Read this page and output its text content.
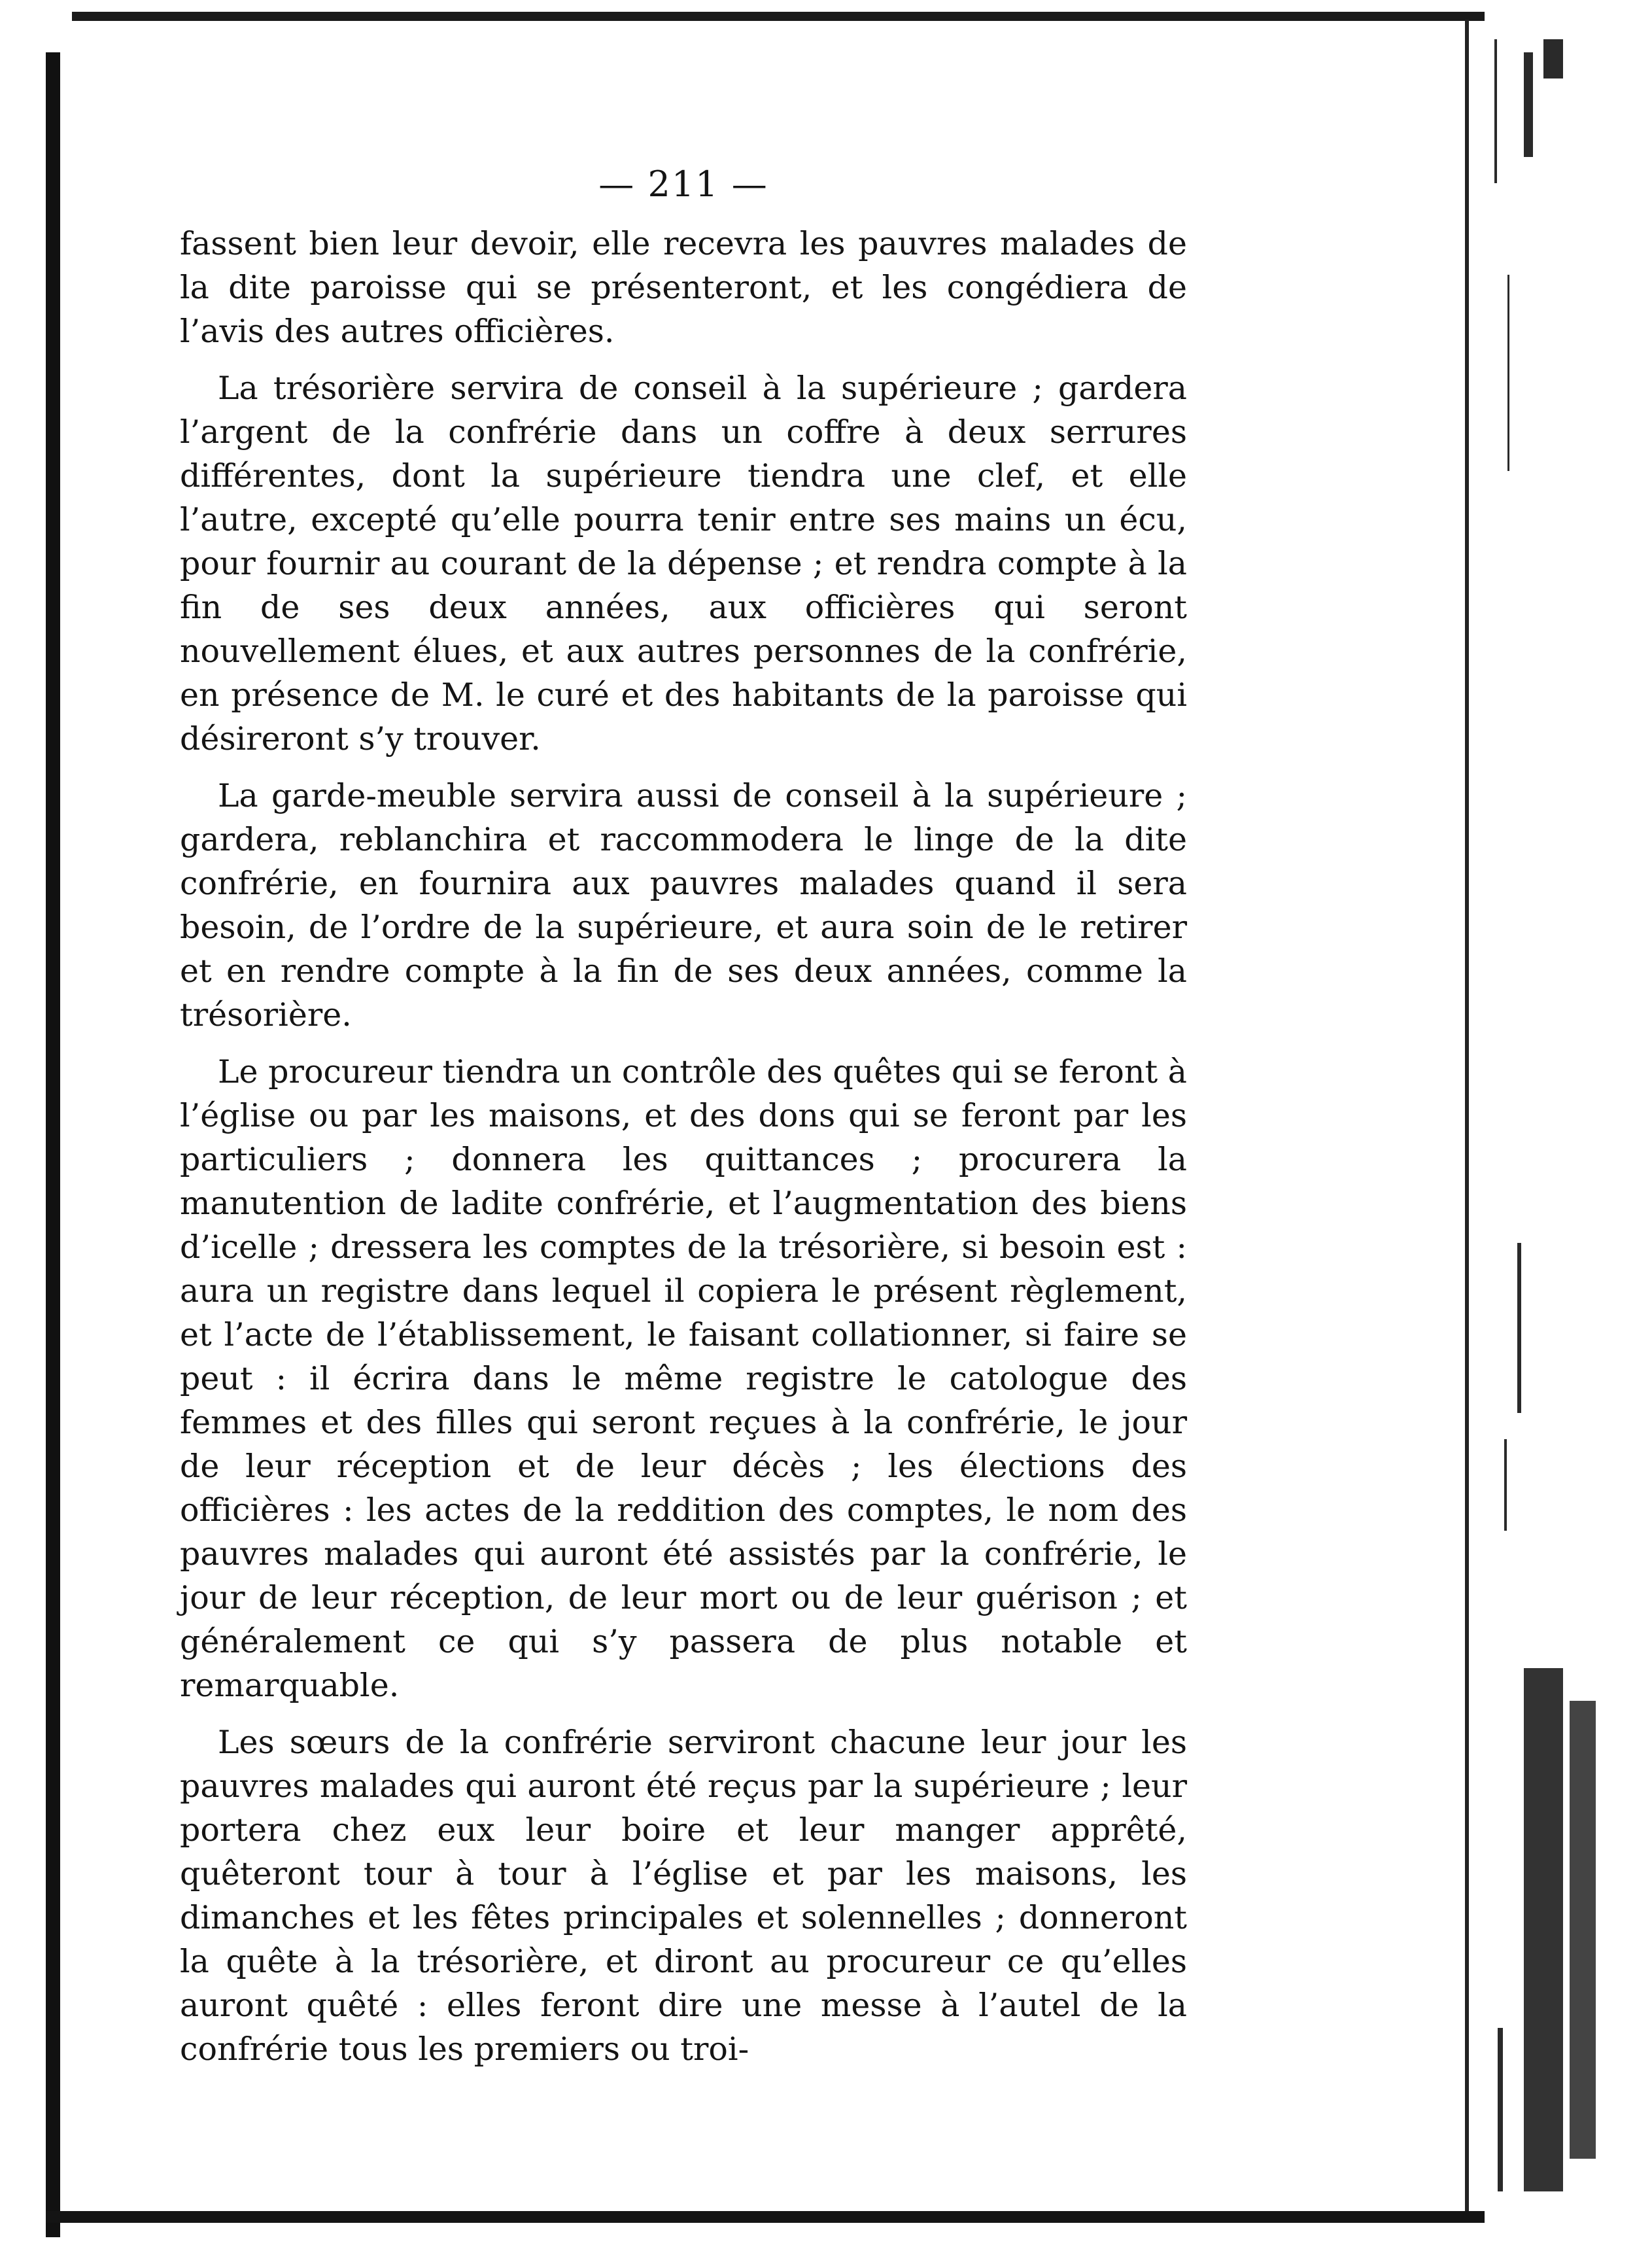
— 211 —

fassent bien leur devoir, elle recevra les pauvres malades de la dite paroisse qui se présenteront, et les congédiera de l’avis des autres officières.

La trésorière servira de conseil à la supérieure ; gardera l’argent de la confrérie dans un coffre à deux serrures différentes, dont la supérieure tiendra une clef, et elle l’autre, excepté qu’elle pourra tenir entre ses mains un écu, pour fournir au courant de la dépense ; et rendra compte à la fin de ses deux années, aux officières qui seront nouvellement élues, et aux autres personnes de la confrérie, en présence de M. le curé et des habitants de la paroisse qui désireront s’y trouver.

La garde-meuble servira aussi de conseil à la supérieure ; gardera, reblanchira et raccommodera le linge de la dite confrérie, en fournira aux pauvres malades quand il sera besoin, de l’ordre de la supérieure, et aura soin de le retirer et en rendre compte à la fin de ses deux années, comme la trésorière.

Le procureur tiendra un contrôle des quêtes qui se feront à l’église ou par les maisons, et des dons qui se feront par les particuliers ; donnera les quittances ; procurera la manutention de ladite confrérie, et l’augmentation des biens d’icelle ; dressera les comptes de la trésorière, si besoin est : aura un registre dans lequel il copiera le présent règlement, et l’acte de l’établissement, le faisant collationner, si faire se peut : il écrira dans le même registre le catologue des femmes et des filles qui seront reçues à la confrérie, le jour de leur réception et de leur décès ; les élections des officières : les actes de la reddition des comptes, le nom des pauvres malades qui auront été assistés par la confrérie, le jour de leur réception, de leur mort ou de leur guérison ; et généralement ce qui s’y passera de plus notable et remarquable.

Les sœurs de la confrérie serviront chacune leur jour les pauvres malades qui auront été reçus par la supérieure ; leur portera chez eux leur boire et leur manger apprêté, quêteront tour à tour à l’église et par les maisons, les dimanches et les fêtes principales et solennelles ; donneront la quête à la trésorière, et diront au procureur ce qu’elles auront quêté : elles feront dire une messe à l’autel de la confrérie tous les premiers ou troi-
